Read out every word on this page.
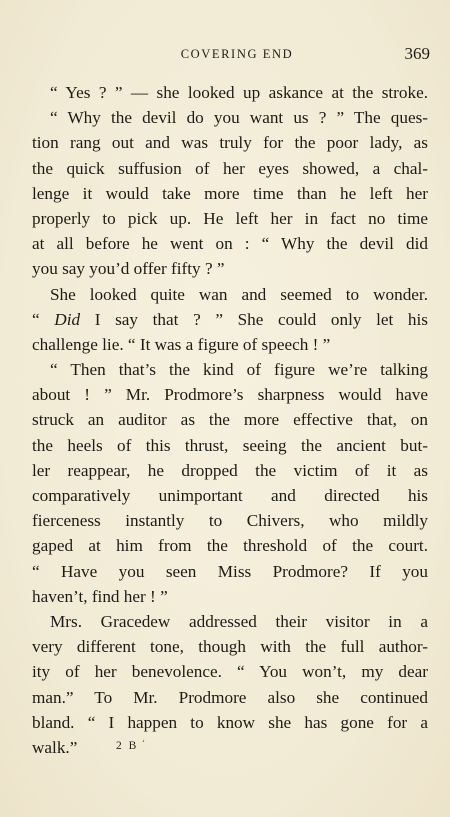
COVERING END	369
“ Yes ? ” — she looked up askance at the stroke.
“ Why the devil do you want us ? ” The ques-
tion rang out and was truly for the poor lady, as
the quick suffusion of her eyes showed, a chal-
lenge it would take more time than he left her
properly to pick up. He left her in fact no time
at all before he went on : “ Why the devil did
you say you’d offer fifty ? ”
She looked quite wan and seemed to wonder.
“ Did I say that ? ” She could only let his
challenge lie. “ It was a figure of speech ! ”
“ Then that’s the kind of figure we’re talking
about ! ” Mr. Prodmore’s sharpness would have
struck an auditor as the more effective that, on
the heels of this thrust, seeing the ancient but-
ler reappear, he dropped the victim of it as
comparatively unimportant and directed his
fierceness instantly to Chivers, who mildly
gaped at him from the threshold of the court.
“ Have you seen Miss Prodmore? If you
haven’t, find her ! ”
Mrs. Gracedew addressed their visitor in a
very different tone, though with the full author-
ity of her benevolence. “ You won’t, my dear
man.” To Mr. Prodmore also she continued
bland. “ I happen to know she has gone for a
walk.”	2 B ʻ
